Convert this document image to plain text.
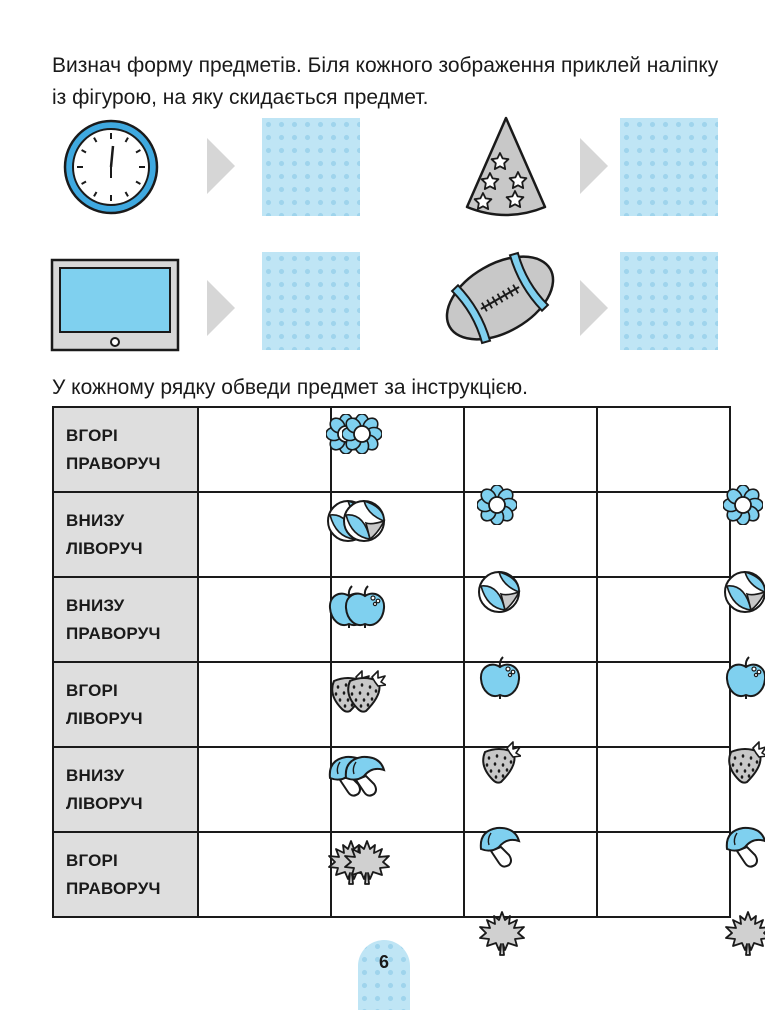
Визнач форму предметів. Біля кожного зображення приклей наліпку із фігурою, на яку скидається предмет.
У кожному рядку обведи предмет за інструкцією.
ВГОРІ
ПРАВОРУЧ

ВНИЗУ
ЛІВОРУЧ

ВНИЗУ
ПРАВОРУЧ

ВГОРІ
ЛІВОРУЧ

ВНИЗУ
ЛІВОРУЧ

ВГОРІ
ПРАВОРУЧ

6
